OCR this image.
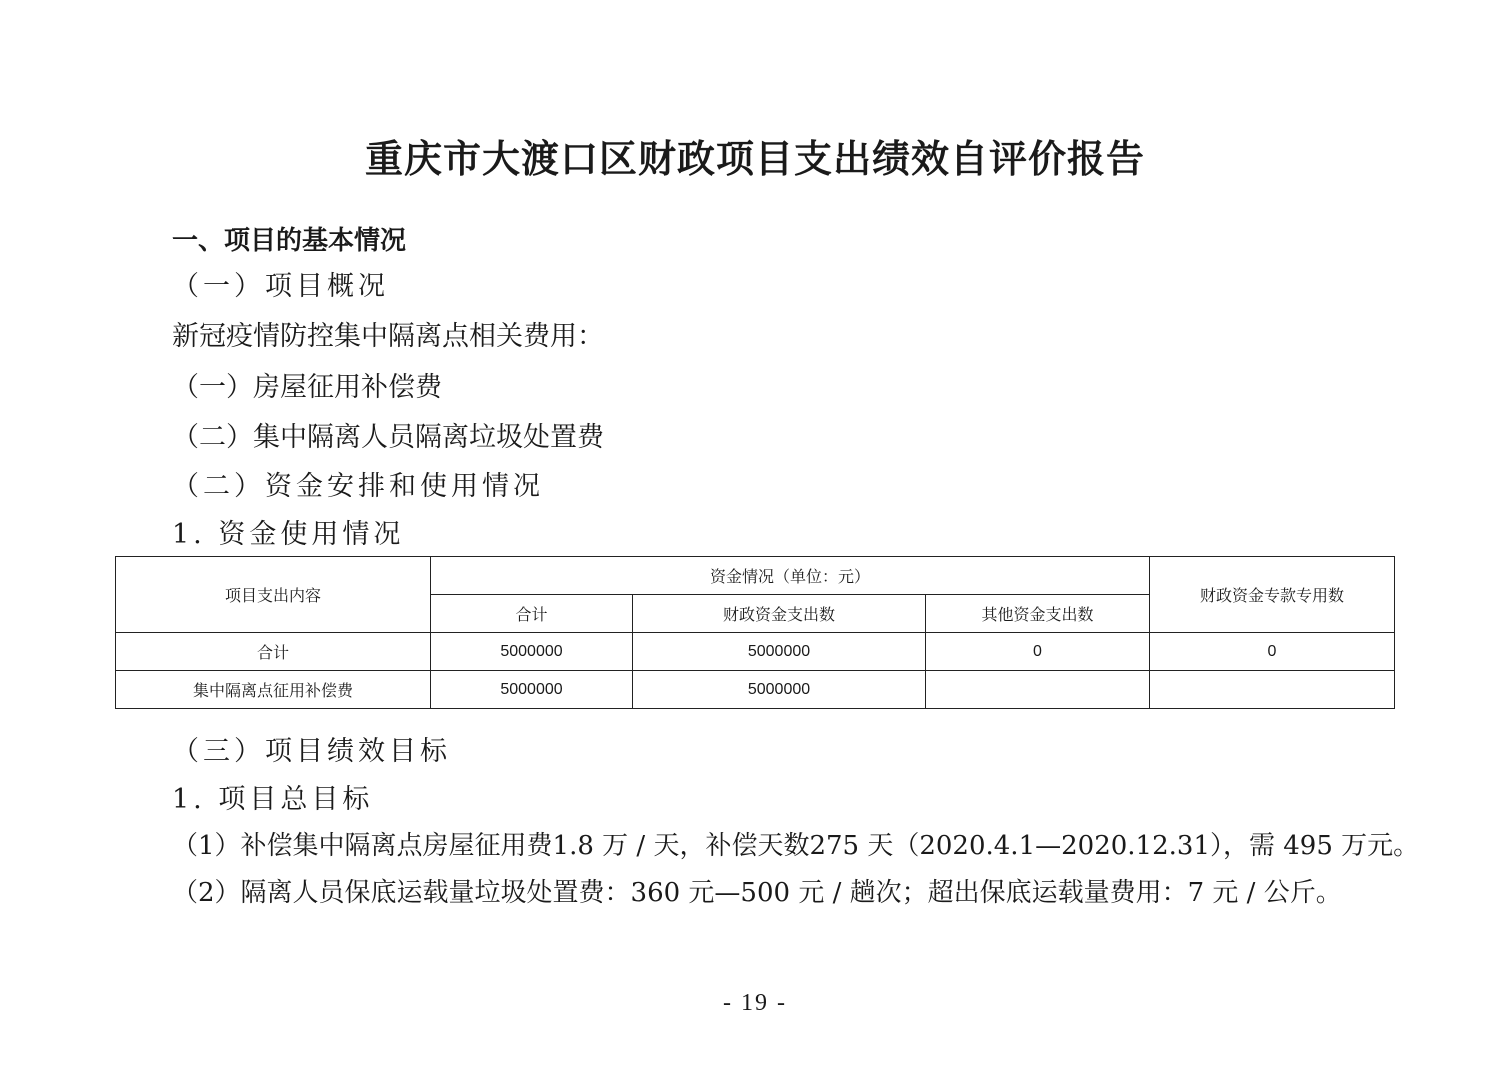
重庆市大渡口区财政项目支出绩效自评价报告
一、项目的基本情况
（一）项目概况
新冠疫情防控集中隔离点相关费用：
（一）房屋征用补偿费
（二）集中隔离人员隔离垃圾处置费
（二）资金安排和使用情况
1. 资金使用情况
项目支出内容	资金情况（单位：元）			财政资金专款专用数
	合计	财政资金支出数	其他资金支出数	
合计	5000000	5000000	0	0
集中隔离点征用补偿费	5000000	5000000		
（三）项目绩效目标
1. 项目总目标
（1）补偿集中隔离点房屋征用费1.8 万 / 天，补偿天数275 天（2020.4.1—2020.12.31），需 495 万元。
（2）隔离人员保底运载量垃圾处置费：360 元—500 元 / 趟次；超出保底运载量费用：7 元 / 公斤。
- 19 -
